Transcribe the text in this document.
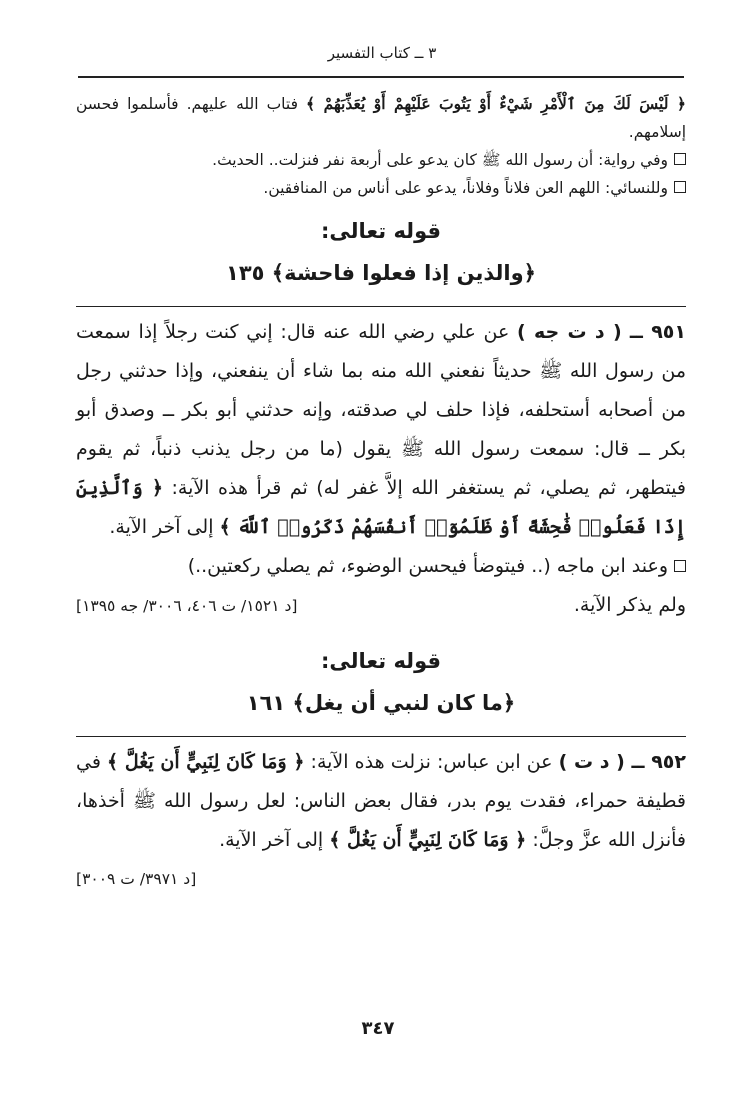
٣ ــ كتاب التفسير

﴿ لَيْسَ لَكَ مِنَ ٱلْأَمْرِ شَيْءٌ أَوْ يَتُوبَ عَلَيْهِمْ أَوْ يُعَذِّبَهُمْ ﴾ فتاب الله عليهم. فأسلموا فحسن إسلامهم.

وفي رواية: أن رسول الله ﷺ كان يدعو على أربعة نفر فنزلت.. الحديث.

وللنسائي: اللهم العن فلاناً وفلاناً، يدعو على أناس من المنافقين.

قوله تعالى:

﴿والذين إذا فعلوا فاحشة﴾ ١٣٥

٩٥١ ــ ( د ت جه ) عن علي رضي الله عنه قال: إني كنت رجلاً إذا سمعت من رسول الله ﷺ حديثاً نفعني الله منه بما شاء أن ينفعني، وإذا حدثني رجل من أصحابه أستحلفه، فإذا حلف لي صدقته، وإنه حدثني أبو بكر ــ وصدق أبو بكر ــ قال: سمعت رسول الله ﷺ يقول (ما من رجل يذنب ذنباً، ثم يقوم فيتطهر، ثم يصلي، ثم يستغفر الله إلاَّ غفر له) ثم قرأ هذه الآية: ﴿ وَٱلَّذِينَ إِذَا فَعَلُوا۟ فَٰحِشَةً أَوْ ظَلَمُوٓا۟ أَنفُسَهُمْ ذَكَرُوا۟ ٱللَّهَ ﴾ إلى آخر الآية.

وعند ابن ماجه (.. فيتوضأ فيحسن الوضوء، ثم يصلي ركعتين..)

ولم يذكر الآية.
[د ١٥٢١/ ت ٤٠٦، ٣٠٠٦/ جه ١٣٩٥]

قوله تعالى:

﴿ما كان لنبي أن يغل﴾ ١٦١

٩٥٢ ــ ( د ت ) عن ابن عباس: نزلت هذه الآية: ﴿ وَمَا كَانَ لِنَبِيٍّ أَن يَغُلَّ ﴾ في قطيفة حمراء، فقدت يوم بدر، فقال بعض الناس: لعل رسول الله ﷺ أخذها، فأنزل الله عزَّ وجلَّ: ﴿ وَمَا كَانَ لِنَبِيٍّ أَن يَغُلَّ ﴾ إلى آخر الآية.

[د ٣٩٧١/ ت ٣٠٠٩]
٣٤٧
